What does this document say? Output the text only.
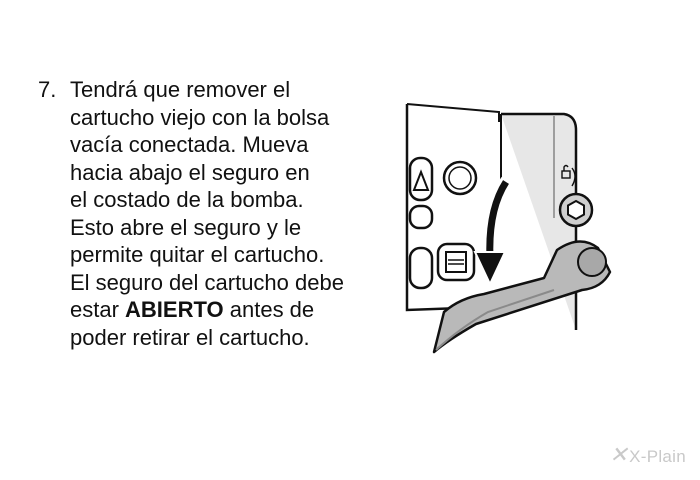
7. Tendrá que remover el
cartucho viejo con la bolsa
vacía conectada. Mueva
hacia abajo el seguro en
el costado de la bomba.
Esto abre el seguro y le
permite quitar el cartucho.
El seguro del cartucho debe
estar ABIERTO antes de
poder retirar el cartucho.
✕ X-Plain
